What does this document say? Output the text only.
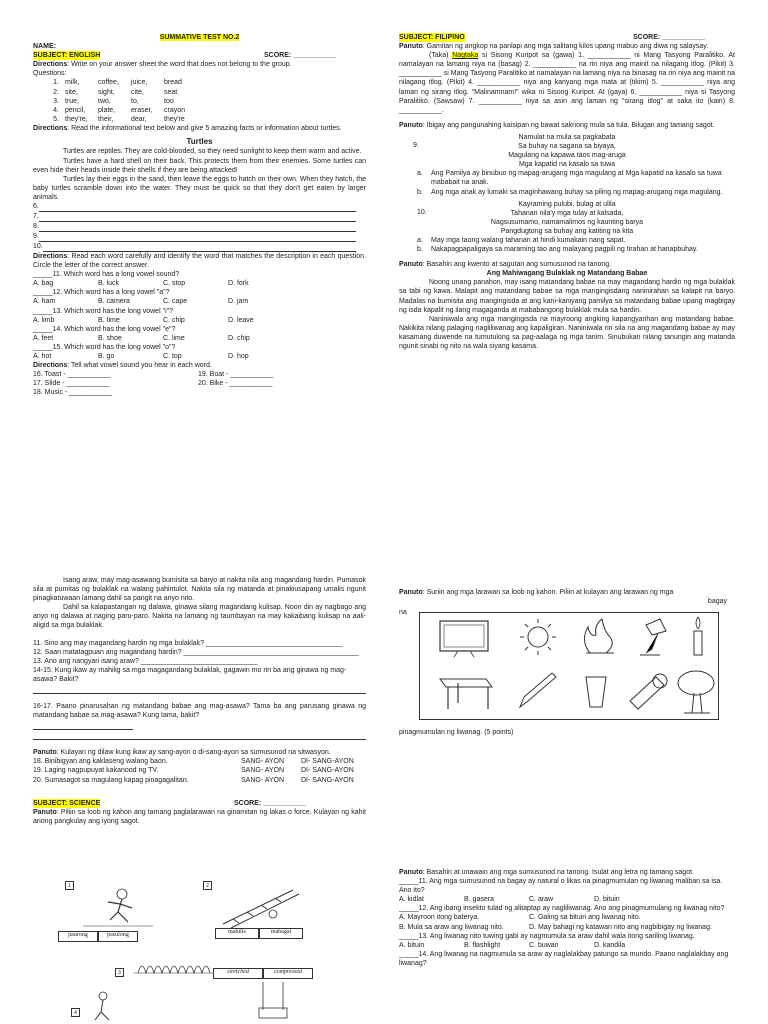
SUMMATIVE TEST NO.2
NAME:
SUBJECT: ENGLISH	SCORE: ___________
Directions: Write on your answer sheet the word that does not belong to the group.
Questions:
1. milk,	coffee,	juice,	bread
2. site,	sight,	cite,	seat
3. true,	two,	to,	too
4. pencil,	plate,	eraser,	crayon
5. they're,	their,	dear,	they're
Directions: Read the informational text below and give 5 amazing facts or information about turtles.
Turtles

Turtles are reptiles. They are cold-blooded, so they need sunlight to keep them warm and active.

Turtles have a hard shell on their back. This protects them from their enemies. Some turtles can even hide their heads inside their shells if they are being attacked!

Turtles lay their eggs in the sand, then leave the eggs to hatch on their own. When they hatch, the baby turtles scramble down into the water. They must be quick so that they don't get eaten by larger animals.

6.
7.
8.
9.
10.
Directions: Read each word carefully and identify the word that matches the description in each question. Circle the letter of the correct answer.
_____11. Which word has a long vowel sound?
A. bag	B. luck	C. stop	D. fork
_____12. Which word has a long vowel "a"?
A. ham	B. camera	C. cape	D. jam
_____13. Which word has the long vowel "i"?
A. limb	B. time	C. chip	D. leave
_____14. Which word has the long vowel "e"?
A. feet	B. shoe	C. lime	D. chip
_____15. Which word has the long vowel "o"?
A. hot	B. go	C. top	D. hop
Directions: Tell what vowel sound you hear in each word.
16. Toast - ___________	19. Boat - ___________
17. Slide - ___________	20. Bike - ___________
18. Music - ___________
SUBJECT: FILIPINO	SCORE: ___________
Panuto: Gamitan ng angkop na panlapi ang mga salitang kilos upang mabuo ang diwa ng salaysay.

(Taka) Nagtaka si Sisong Kuripot sa (gawa) 1. ___________ ni Mang Tasyong Paralitiko. At namalayan na lamang niya na (basag) 2. ___________ na rin niya ang mainit na nilagang itlog. (Pikit) 3. ___________ si Mang Tasyong Paralitiko at namalayan na lamang niya na binasag na rin niya ang mainit na nilagang itlog. (Pikit) 4. ___________ niya ang kanyang mga mata at (tikim) 5. ___________ niya ang laman ng sirang itlog. "Malinamnam!" wika ni Sisong Kuripot. At (gaya) 6. ___________ niya si Tasyong Paralitiko. (Sawsaw) 7. ___________ niya sa asin ang laman ng "sirang itlog" at saka ito (kain) 8. ___________.

Panuto: Ibigay ang pangunahing kaisipan ng bawat saknong mula sa tula. Bilugan ang tamang sagot.
9.
Namulat na mula sa pagkabata
Sa buhay na sagana sa biyaya,
Magulang na kapawa taos mag-aruga
Mga kapatid na kasalo sa tuwa
a.	Ang Pamilya ay binubuo ng mapag-arugang mga magulang at Mga kapatid na kasalo sa tuwa mababait na anak.
b.	Ang mga anak ay lumaki sa maginhawang buhay sa piling ng mapag-arugang mga magulang.
10.
Kayraming pulubi, bulag at ulila
Tahanan nila'y mga tulay at kalsada,
Nagsusumamo, namamalimos ng kaunting barya
Pangdugtong sa buhay ang katiting na kita
a.	May mga taong walang tahanan at hindi kumakain nang sapat.
b.	Nakapagpapaligaya sa maraming tao ang malayang pagpili ng tirahan at hanapbuhay.
Panuto: Basahin ang kwento at sagutan ang sumusunod na tanong.
Ang Mahiwagang Bulaklak ng Matandang Babae

Noong unang panahon, may isang matandang babae na may magandang hardin ng mga bulaklak sa tabi ng kawa. Malapit ang matandang babae sa mga mangingisdang naninirahan sa kalapit na baryo. Madalas na bumisita ang mangingisda at ang kani-kaniyang pamilya sa matandang babae upang magbigay ng isda kapalit ng ilang magaganda at mababangong bulaklak mula sa hardin.

Naniniwala ang mga mangingisda na mayroong angking kapangyarihan ang matandang babae. Nakikita nilang palaging nagliliwanag ang kapaligiran. Naniniwala rin sila na ang magandang babae ay may kasamang duwende na tumutulong sa pag-aalaga ng mga tanim. Sinubukan nilang tanungin ang matanda ngunit sinabi ng nito na wala siyang kasama.

Isang araw, may mag-asawang bumisita sa baryo at nakita nila ang magandang hardin. Pumasok sila at pumitas ng bulaklak na walang pahintulot. Nakita sila ng matanda at pinakiusapang umalis ngunit pinagkatuwaan lamang dahil sa pangit na anyo nito.

Dahil sa kalapastangan ng dalawa, ginawa silang magandang kulisap. Noon din ay nagbago ang anyo ng dalawa at naging paru-paro. Nakita na lamang ng taumbayan na may kakaibang kulisap na aali-aligid sa mga bulaklak.

11. Sino ang may magandang hardin ng mga bulaklak? ___________________________________
12. Saan matatagpuan ang magandang hardin? _____________________________________________
13. Ano ang nangyari isang araw? ______________________________
14-15. Kung ikaw ay mahilig sa mga magagandang bulaklak, gagawin mo rin ba ang ginawa ng mag-asawa? Bakit?
16-17. Paano pinarusahan ng matandang babae ang mag-asawa? Tama ba ang parusang ginawa ng matandang babae sa mag-asawa? Kung tama, bakit?
Panuto: Kulayan ng dilaw kung ikaw ay sang-ayon o di-sang-ayon sa sumusunod na sitwasyon.
18. Binibigyan ang kaklaseng walang baon.	SANG- AYON	DI- SANG-AYON
19. Laging nagpupuyat kakanood ng TV.	SANG- AYON	DI- SANG-AYON
20. Sumasagot sa magulang kapag pinagagalitan.	SANG- AYON	DI- SANG-AYON
SUBJECT: SCIENCE	SCORE: ___________
Panuto: Piliin sa loob ng kahon ang tamang paglalarawan na ginamitan ng lakas o force. Kulayan ng kahit anong pangkulay ang iyong sagot.
1
paurong	pasulong
2
mabilis	mabagal
3	stretched	compressed
4
Panuto: Suriin ang mga larawan sa loob ng kahon. Piliin at kulayan ang larawan ng mga
bagay
na
pinagmumulan ng liwanag. (5 points)
Panuto: Basahin at unawain ang mga sumusunod na tanong. Isulat ang letra ng tamang sagot.
_____11. Ang mga sumusunod na bagay ay natural o likas na pinagmumulan ng liwanag maliban sa isa. Ano ito?
A. kidlat	B. gasera	C. araw	D. bituin
_____12. Ang ibang insekto tulad ng alitaptap ay nagliliwanag. Ano ang pinagmumulang ng liwanag nito?
A. Mayroon itong baterya.	C. Galing sa bituin ang liwanag nito.
B. Mula sa araw ang liwanag nito.	D. May bahagi ng katawan nito ang nagbibigay ng liwanag.
_____13. Ang liwanag nito tuwing gabi ay nagmumula sa araw dahil wala itong sariling liwanag.
A. bituin	B. flashlight	C. buwan	D. kandila
_____14. Ang liwanag na nagmumula sa araw ay naglalakbay patungo sa mundo. Paano naglalakbay ang liwanag?
